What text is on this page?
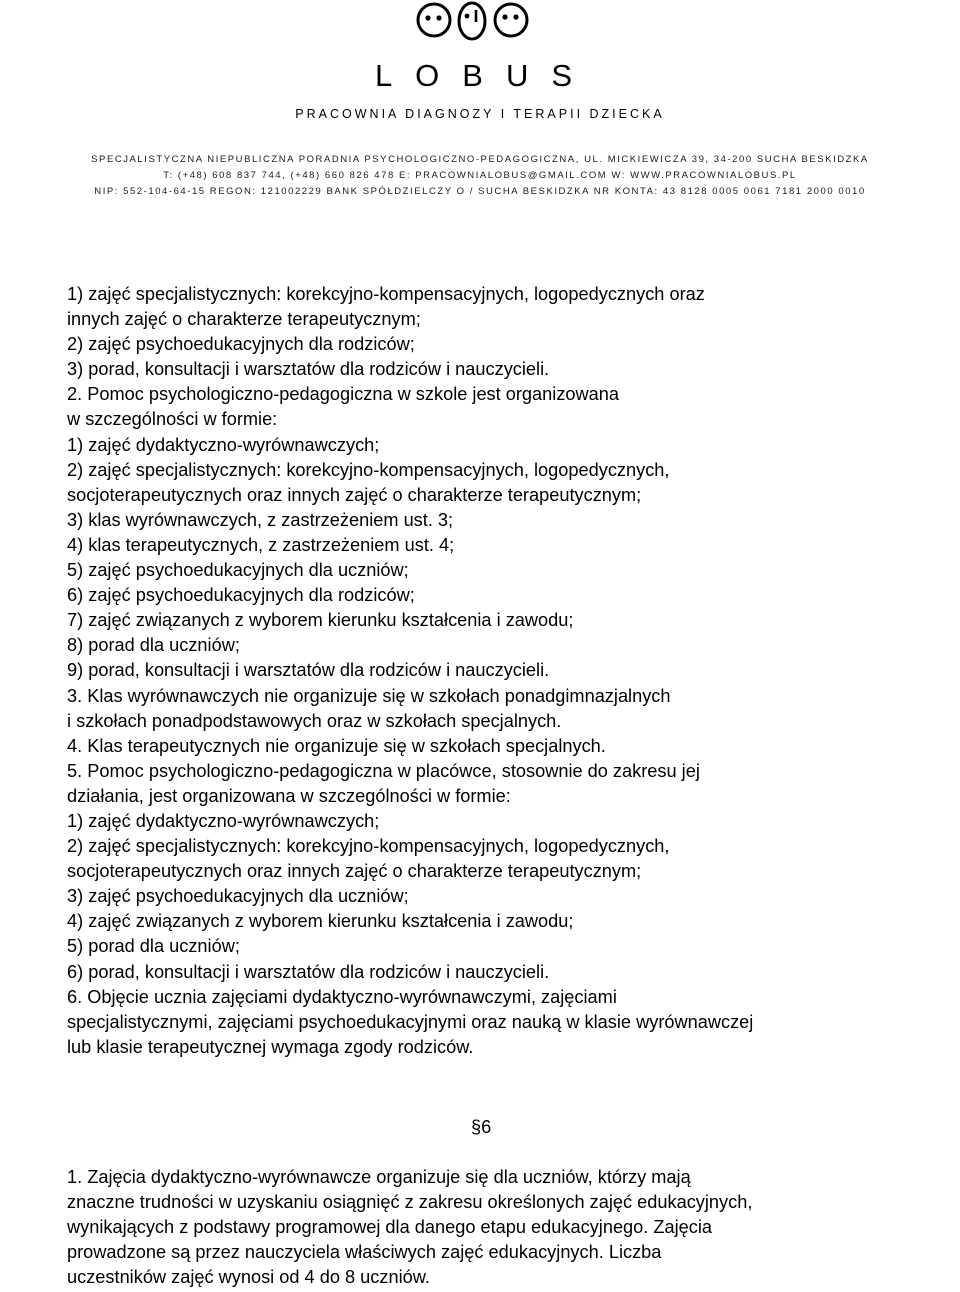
LOBUS
PRACOWNIA DIAGNOZY I TERAPII DZIECKA
SPECJALISTYCZNA NIEPUBLICZNA PORADNIA PSYCHOLOGICZNO-PEDAGOGICZNA, UL. MICKIEWICZA 39, 34-200 SUCHA BESKIDZKA
T: (+48) 608 837 744, (+48) 660 826 478 E: PRACOWNIALOBUS@GMAIL.COM W: WWW.PRACOWNIALOBUS.PL
NIP: 552-104-64-15 REGON: 121002229 BANK SPÓŁDZIELCZY O / SUCHA BESKIDZKA NR KONTA: 43 8128 0005 0061 7181 2000 0010
1) zajęć specjalistycznych: korekcyjno-kompensacyjnych, logopedycznych oraz
innych zajęć o charakterze terapeutycznym;
2) zajęć psychoedukacyjnych dla rodziców;
3) porad, konsultacji i warsztatów dla rodziców i nauczycieli.
2. Pomoc psychologiczno-pedagogiczna w szkole jest organizowana
w szczególności w formie:
1) zajęć dydaktyczno-wyrównawczych;
2) zajęć specjalistycznych: korekcyjno-kompensacyjnych, logopedycznych,
socjoterapeutycznych oraz innych zajęć o charakterze terapeutycznym;
3) klas wyrównawczych, z zastrzeżeniem ust. 3;
4) klas terapeutycznych, z zastrzeżeniem ust. 4;
5) zajęć psychoedukacyjnych dla uczniów;
6) zajęć psychoedukacyjnych dla rodziców;
7) zajęć związanych z wyborem kierunku kształcenia i zawodu;
8) porad dla uczniów;
9) porad, konsultacji i warsztatów dla rodziców i nauczycieli.
3. Klas wyrównawczych nie organizuje się w szkołach ponadgimnazjalnych
i szkołach ponadpodstawowych oraz w szkołach specjalnych.
4. Klas terapeutycznych nie organizuje się w szkołach specjalnych.
5. Pomoc psychologiczno-pedagogiczna w placówce, stosownie do zakresu jej
działania, jest organizowana w szczególności w formie:
1) zajęć dydaktyczno-wyrównawczych;
2) zajęć specjalistycznych: korekcyjno-kompensacyjnych, logopedycznych,
socjoterapeutycznych oraz innych zajęć o charakterze terapeutycznym;
3) zajęć psychoedukacyjnych dla uczniów;
4) zajęć związanych z wyborem kierunku kształcenia i zawodu;
5) porad dla uczniów;
6) porad, konsultacji i warsztatów dla rodziców i nauczycieli.
6. Objęcie ucznia zajęciami dydaktyczno-wyrównawczymi, zajęciami
specjalistycznymi, zajęciami psychoedukacyjnymi oraz nauką w klasie wyrównawczej
lub klasie terapeutycznej wymaga zgody rodziców.
§6
1. Zajęcia dydaktyczno-wyrównawcze organizuje się dla uczniów, którzy mają
znaczne trudności w uzyskaniu osiągnięć z zakresu określonych zajęć edukacyjnych,
wynikających z podstawy programowej dla danego etapu edukacyjnego. Zajęcia
prowadzone są przez nauczyciela właściwych zajęć edukacyjnych. Liczba
uczestników zajęć wynosi od 4 do 8 uczniów.
